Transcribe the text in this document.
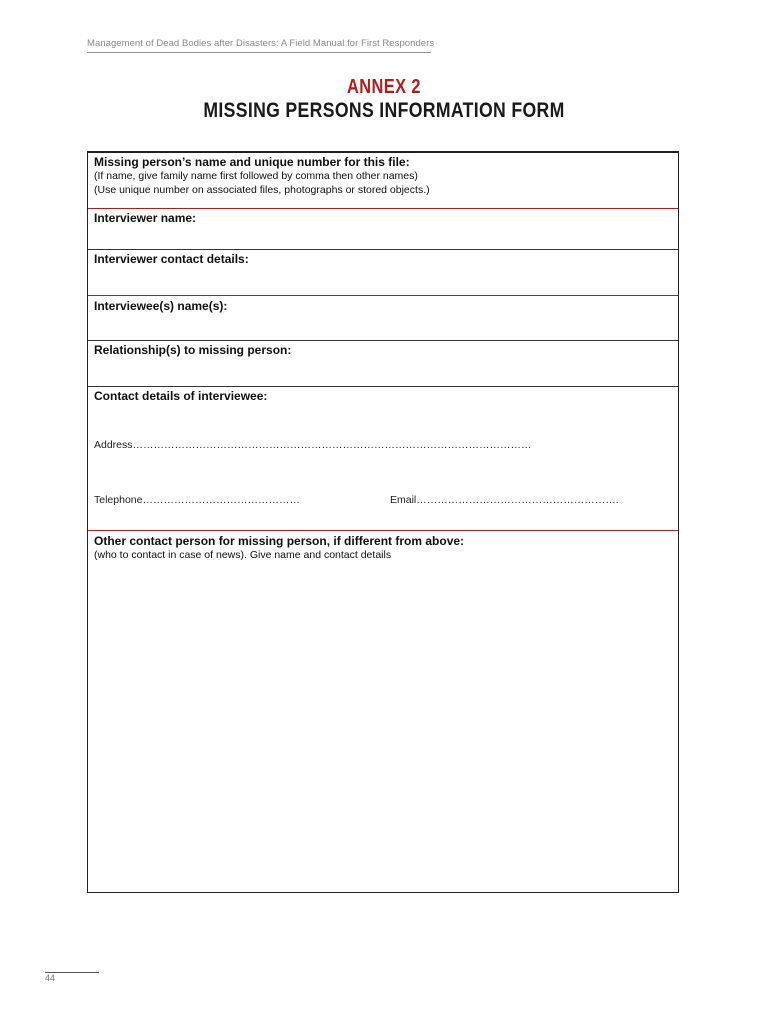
Management of Dead Bodies after Disasters: A Field Manual for First Responders
ANNEX 2
MISSING PERSONS INFORMATION FORM
Missing person’s name and unique number for this file:
(If name, give family name first followed by comma then other names)
(Use unique number on associated files, photographs or stored objects.)
Interviewer name:
Interviewer contact details:
Interviewee(s) name(s):
Relationship(s) to missing person:
Contact details of interviewee:
Address……………………………………………………………………………………………………
Telephone………………………………………	Email………………………………………………….
Other contact person for missing person, if different from above:
(who to contact in case of news). Give name and contact details
44
